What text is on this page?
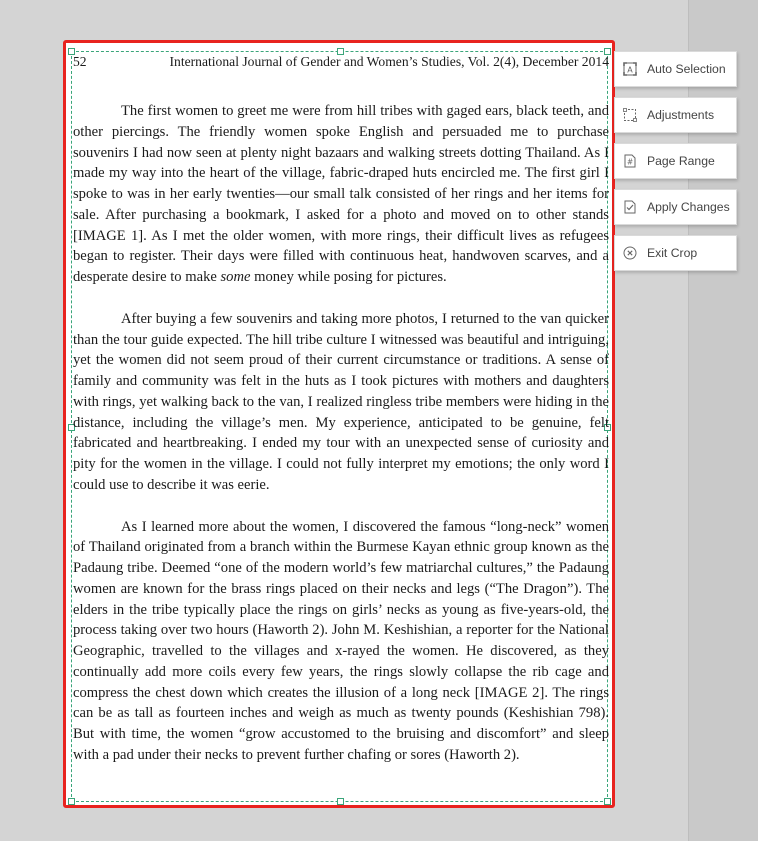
52	International Journal of Gender and Women’s Studies, Vol. 2(4), December 2014

The first women to greet me were from hill tribes with gaged ears, black teeth, and other piercings. The friendly women spoke English and persuaded me to purchase souvenirs I had now seen at plenty night bazaars and walking streets dotting Thailand. As I made my way into the heart of the village, fabric-draped huts encircled me. The first girl I spoke to was in her early twenties—our small talk consisted of her rings and her items for sale. After purchasing a bookmark, I asked for a photo and moved on to other stands [IMAGE 1]. As I met the older women, with more rings, their difficult lives as refugees began to register. Their days were filled with continuous heat, handwoven scarves, and a desperate desire to make some money while posing for pictures.

After buying a few souvenirs and taking more photos, I returned to the van quicker than the tour guide expected. The hill tribe culture I witnessed was beautiful and intriguing, yet the women did not seem proud of their current circumstance or traditions. A sense of family and community was felt in the huts as I took pictures with mothers and daughters with rings, yet walking back to the van, I realized ringless tribe members were hiding in the distance, including the village’s men. My experience, anticipated to be genuine, felt fabricated and heartbreaking. I ended my tour with an unexpected sense of curiosity and pity for the women in the village. I could not fully interpret my emotions; the only word I could use to describe it was eerie.

As I learned more about the women, I discovered the famous “long-neck” women of Thailand originated from a branch within the Burmese Kayan ethnic group known as the Padaung tribe. Deemed “one of the modern world’s few matriarchal cultures,” the Padaung women are known for the brass rings placed on their necks and legs (“The Dragon”). The elders in the tribe typically place the rings on girls’ necks as young as five-years-old, the process taking over two hours (Haworth 2). John M. Keshishian, a reporter for the National Geographic, travelled to the villages and x-rayed the women. He discovered, as they continually add more coils every few years, the rings slowly collapse the rib cage and compress the chest down which creates the illusion of a long neck [IMAGE 2]. The rings can be as tall as fourteen inches and weigh as much as twenty pounds (Keshishian 798). But with time, the women “grow accustomed to the bruising and discomfort” and sleep with a pad under their necks to prevent further chafing or sores (Haworth 2).

A Auto Selection
Adjustments
# Page Range
Apply Changes
Exit Crop
